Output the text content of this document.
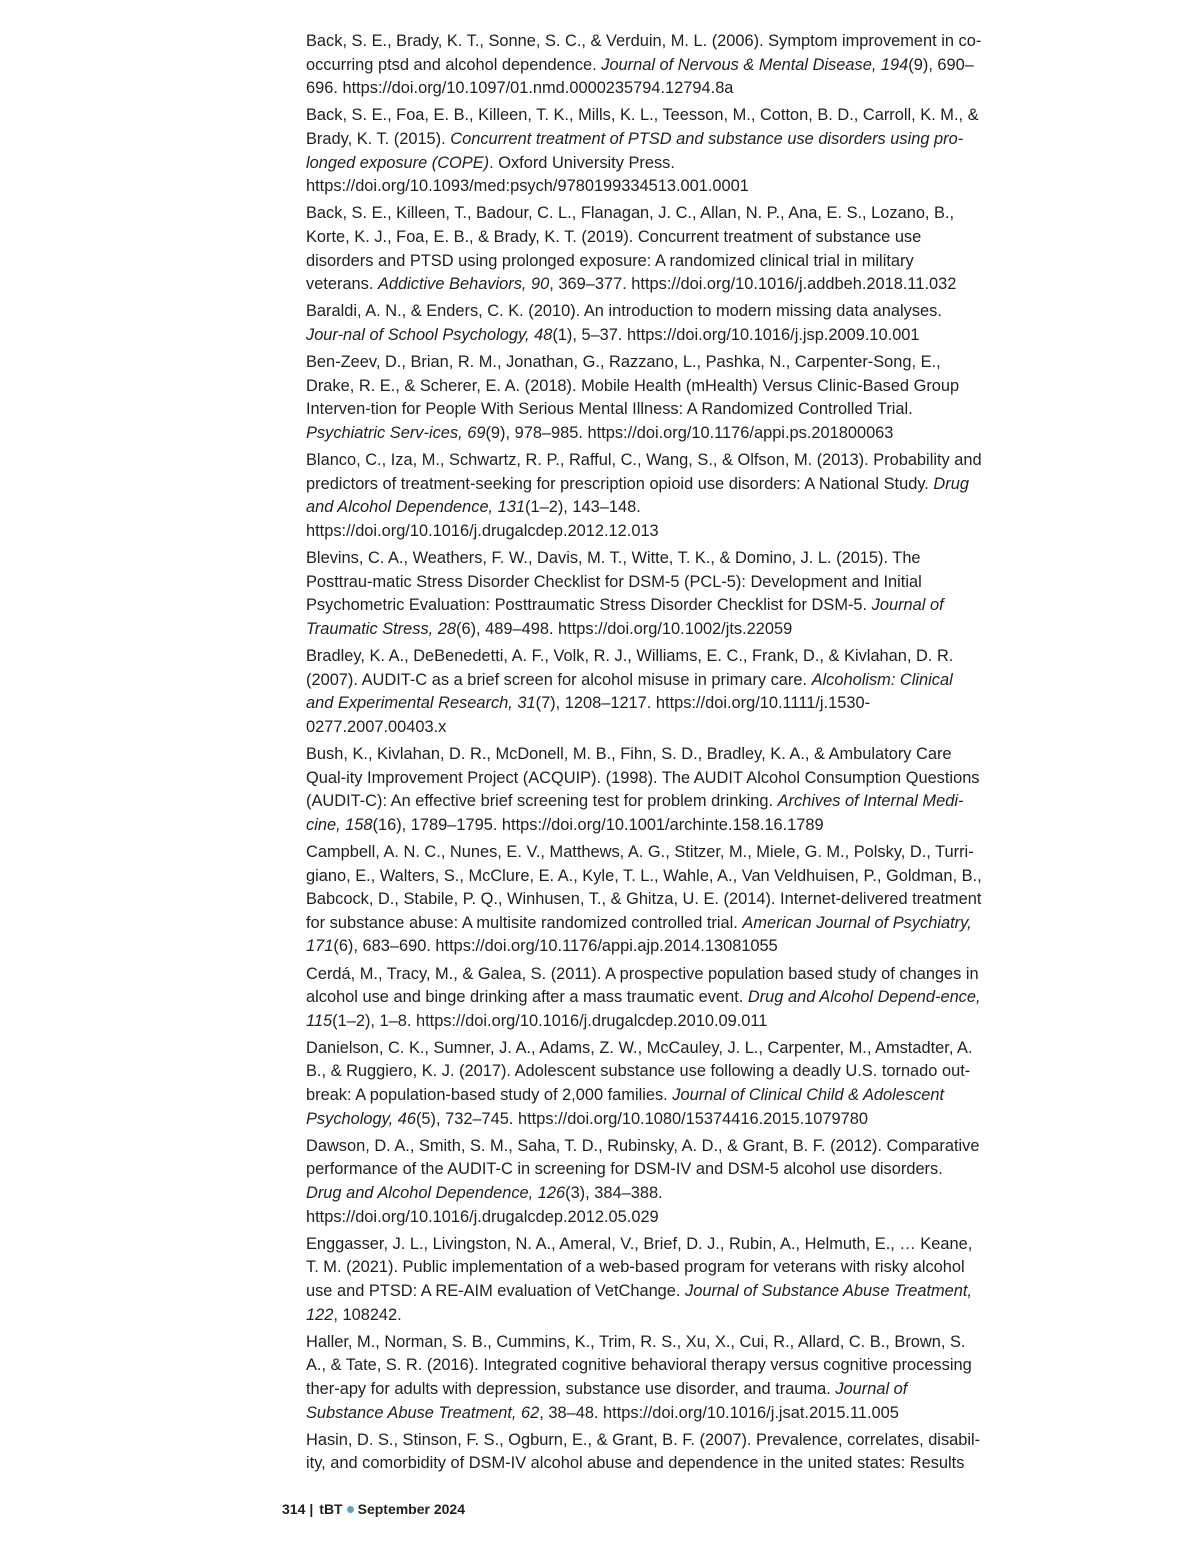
Back, S. E., Brady, K. T., Sonne, S. C., & Verduin, M. L. (2006). Symptom improvement in co-occurring ptsd and alcohol dependence. Journal of Nervous & Mental Disease, 194(9), 690–696. https://doi.org/10.1097/01.nmd.0000235794.12794.8a

Back, S. E., Foa, E. B., Killeen, T. K., Mills, K. L., Teesson, M., Cotton, B. D., Carroll, K. M., & Brady, K. T. (2015). Concurrent treatment of PTSD and substance use disorders using pro-longed exposure (COPE). Oxford University Press. https://doi.org/10.1093/med:psych/9780199334513.001.0001

Back, S. E., Killeen, T., Badour, C. L., Flanagan, J. C., Allan, N. P., Ana, E. S., Lozano, B., Korte, K. J., Foa, E. B., & Brady, K. T. (2019). Concurrent treatment of substance use disorders and PTSD using prolonged exposure: A randomized clinical trial in military veterans. Addictive Behaviors, 90, 369–377. https://doi.org/10.1016/j.addbeh.2018.11.032

Baraldi, A. N., & Enders, C. K. (2010). An introduction to modern missing data analyses. Jour-nal of School Psychology, 48(1), 5–37. https://doi.org/10.1016/j.jsp.2009.10.001

Ben-Zeev, D., Brian, R. M., Jonathan, G., Razzano, L., Pashka, N., Carpenter-Song, E., Drake, R. E., & Scherer, E. A. (2018). Mobile Health (mHealth) Versus Clinic-Based Group Interven-tion for People With Serious Mental Illness: A Randomized Controlled Trial. Psychiatric Serv-ices, 69(9), 978–985. https://doi.org/10.1176/appi.ps.201800063

Blanco, C., Iza, M., Schwartz, R. P., Rafful, C., Wang, S., & Olfson, M. (2013). Probability and predictors of treatment-seeking for prescription opioid use disorders: A National Study. Drug and Alcohol Dependence, 131(1–2), 143–148. https://doi.org/10.1016/j.drugalcdep.2012.12.013

Blevins, C. A., Weathers, F. W., Davis, M. T., Witte, T. K., & Domino, J. L. (2015). The Posttrau-matic Stress Disorder Checklist for DSM-5 (PCL-5): Development and Initial Psychometric Evaluation: Posttraumatic Stress Disorder Checklist for DSM-5. Journal of Traumatic Stress, 28(6), 489–498. https://doi.org/10.1002/jts.22059

Bradley, K. A., DeBenedetti, A. F., Volk, R. J., Williams, E. C., Frank, D., & Kivlahan, D. R. (2007). AUDIT-C as a brief screen for alcohol misuse in primary care. Alcoholism: Clinical and Experimental Research, 31(7), 1208–1217. https://doi.org/10.1111/j.1530-0277.2007.00403.x

Bush, K., Kivlahan, D. R., McDonell, M. B., Fihn, S. D., Bradley, K. A., & Ambulatory Care Qual-ity Improvement Project (ACQUIP). (1998). The AUDIT Alcohol Consumption Questions (AUDIT-C): An effective brief screening test for problem drinking. Archives of Internal Medi-cine, 158(16), 1789–1795. https://doi.org/10.1001/archinte.158.16.1789

Campbell, A. N. C., Nunes, E. V., Matthews, A. G., Stitzer, M., Miele, G. M., Polsky, D., Turri-giano, E., Walters, S., McClure, E. A., Kyle, T. L., Wahle, A., Van Veldhuisen, P., Goldman, B., Babcock, D., Stabile, P. Q., Winhusen, T., & Ghitza, U. E. (2014). Internet-delivered treatment for substance abuse: A multisite randomized controlled trial. American Journal of Psychiatry, 171(6), 683–690. https://doi.org/10.1176/appi.ajp.2014.13081055

Cerdá, M., Tracy, M., & Galea, S. (2011). A prospective population based study of changes in alcohol use and binge drinking after a mass traumatic event. Drug and Alcohol Depend-ence, 115(1–2), 1–8. https://doi.org/10.1016/j.drugalcdep.2010.09.011

Danielson, C. K., Sumner, J. A., Adams, Z. W., McCauley, J. L., Carpenter, M., Amstadter, A. B., & Ruggiero, K. J. (2017). Adolescent substance use following a deadly U.S. tornado out-break: A population-based study of 2,000 families. Journal of Clinical Child & Adolescent Psychology, 46(5), 732–745. https://doi.org/10.1080/15374416.2015.1079780

Dawson, D. A., Smith, S. M., Saha, T. D., Rubinsky, A. D., & Grant, B. F. (2012). Comparative performance of the AUDIT-C in screening for DSM-IV and DSM-5 alcohol use disorders. Drug and Alcohol Dependence, 126(3), 384–388. https://doi.org/10.1016/j.drugalcdep.2012.05.029

Enggasser, J. L., Livingston, N. A., Ameral, V., Brief, D. J., Rubin, A., Helmuth, E., … Keane, T. M. (2021). Public implementation of a web-based program for veterans with risky alcohol use and PTSD: A RE-AIM evaluation of VetChange. Journal of Substance Abuse Treatment, 122, 108242.

Haller, M., Norman, S. B., Cummins, K., Trim, R. S., Xu, X., Cui, R., Allard, C. B., Brown, S. A., & Tate, S. R. (2016). Integrated cognitive behavioral therapy versus cognitive processing ther-apy for adults with depression, substance use disorder, and trauma. Journal of Substance Abuse Treatment, 62, 38–48. https://doi.org/10.1016/j.jsat.2015.11.005

Hasin, D. S., Stinson, F. S., Ogburn, E., & Grant, B. F. (2007). Prevalence, correlates, disabil-ity, and comorbidity of DSM-IV alcohol abuse and dependence in the united states: Results

314 | tBT September 2024
